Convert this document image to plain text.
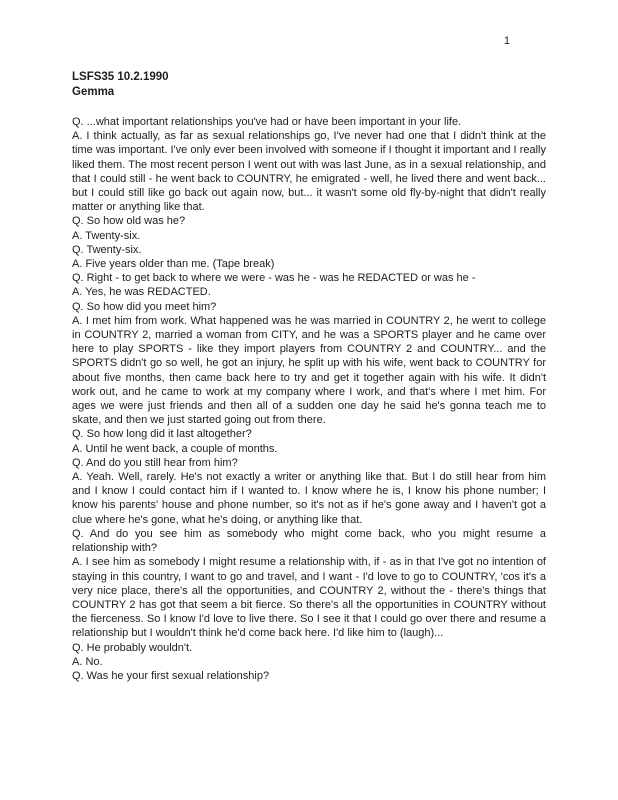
1
LSFS35 10.2.1990
Gemma

Q. ...what important relationships you've had or have been important in your life.

A. I think actually, as far as sexual relationships go, I've never had one that I didn't think at the time was important. I've only ever been involved with someone if I thought it important and I really liked them. The most recent person I went out with was last June, as in a sexual relationship, and that I could still - he went back to COUNTRY, he emigrated - well, he lived there and went back... but I could still like go back out again now, but... it wasn't some old fly-by-night that didn't really matter or anything like that.

Q. So how old was he?

A. Twenty-six.

Q. Twenty-six.

A. Five years older than me. (Tape break)

Q. Right - to get back to where we were - was he - was he REDACTED or was he -

A. Yes, he was REDACTED.

Q. So how did you meet him?

A. I met him from work. What happened was he was married in COUNTRY 2, he went to college in COUNTRY 2, married a woman from CITY, and he was a SPORTS player and he came over here to play SPORTS - like they import players from COUNTRY 2 and COUNTRY... and the SPORTS didn't go so well, he got an injury, he split up with his wife, went back to COUNTRY for about five months, then came back here to try and get it together again with his wife. It didn't work out, and he came to work at my company where I work, and that's where I met him. For ages we were just friends and then all of a sudden one day he said he's gonna teach me to skate, and then we just started going out from there.

Q. So how long did it last altogether?

A. Until he went back, a couple of months.

Q. And do you still hear from him?

A. Yeah. Well, rarely. He's not exactly a writer or anything like that. But I do still hear from him and I know I could contact him if I wanted to. I know where he is, I know his phone number; I know his parents' house and phone number, so it's not as if he's gone away and I haven't got a clue where he's gone, what he's doing, or anything like that.

Q. And do you see him as somebody who might come back, who you might resume a relationship with?

A. I see him as somebody I might resume a relationship with, if - as in that I've got no intention of staying in this country, I want to go and travel, and I want - I'd love to go to COUNTRY, 'cos it's a very nice place, there's all the opportunities, and COUNTRY 2, without the - there's things that COUNTRY 2 has got that seem a bit fierce. So there's all the opportunities in COUNTRY without the fierceness. So I know I'd love to live there. So I see it that I could go over there and resume a relationship but I wouldn't think he'd come back here. I'd like him to (laugh)...

Q. He probably wouldn't.

A. No.

Q. Was he your first sexual relationship?
